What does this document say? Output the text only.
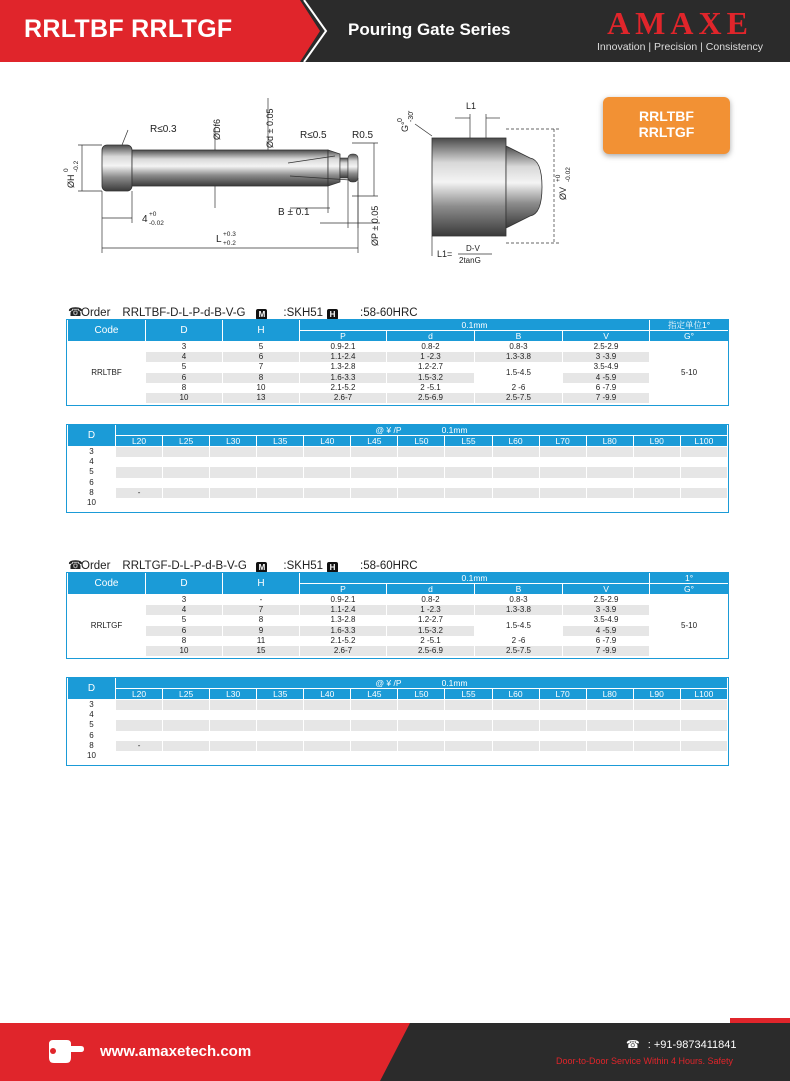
RRLTBF RRLTGF	Pouring Gate Series	AMAXE
Innovation | Precision | Consistency
R≤0.3	ØDf6	Ød ± 0.05	R≤0.5	R0.5
ØH
0 -0.2
4 +0
-0.02
B ± 0.1
L +0.3
+0.2	ØP ± 0.05
0
G°
-30'
L1
ØV
+0 -0.02
L1=
D-V
2tanG
RRLTBF
RRLTGF
☎Order RRLTBF-D-L-P-d-B-V-G M :SKH51 H :58-60HRC
Code	D	H	0.1mm				指定单位1°
			P	d	B	V	G°
RRLTBF	3	5	0.9-2.1	0.8-2	0.8-3	2.5-2.9	5-10
	4	6	1.1-2.4	1 -2.3	1.3-3.8	3 -3.9	
	5	7	1.3-2.8	1.2-2.7	1.5-4.5	3.5-4.9	
	6	8	1.6-3.3	1.5-3.2		4 -5.9	
	8	10	2.1-5.2	2 -5.1	2 -6	6 -7.9	
	10	13	2.6-7	2.5-6.9	2.5-7.5	7 -9.9	
D	@ ¥ /P 0.1mm												
	L20	L25	L30	L35	L40	L45	L50	L55	L60	L70	L80	L90	L100
3													
4													
5													
6													
8	-												
10													
☎Order RRLTGF-D-L-P-d-B-V-G M :SKH51 H :58-60HRC
Code	D	H	0.1mm				1°
			P	d	B	V	G°
RRLTGF	3	-	0.9-2.1	0.8-2	0.8-3	2.5-2.9	5-10
	4	7	1.1-2.4	1 -2.3	1.3-3.8	3 -3.9	
	5	8	1.3-2.8	1.2-2.7	1.5-4.5	3.5-4.9	
	6	9	1.6-3.3	1.5-3.2		4 -5.9	
	8	11	2.1-5.2	2 -5.1	2 -6	6 -7.9	
	10	15	2.6-7	2.5-6.9	2.5-7.5	7 -9.9	
D	@ ¥ /P 0.1mm												
	L20	L25	L30	L35	L40	L45	L50	L55	L60	L70	L80	L90	L100
3													
4													
5													
6													
8	-												
10													
www.amaxetech.com	☎ : +91-9873411841
Door-to-Door Service Within 4 Hours. Safety
